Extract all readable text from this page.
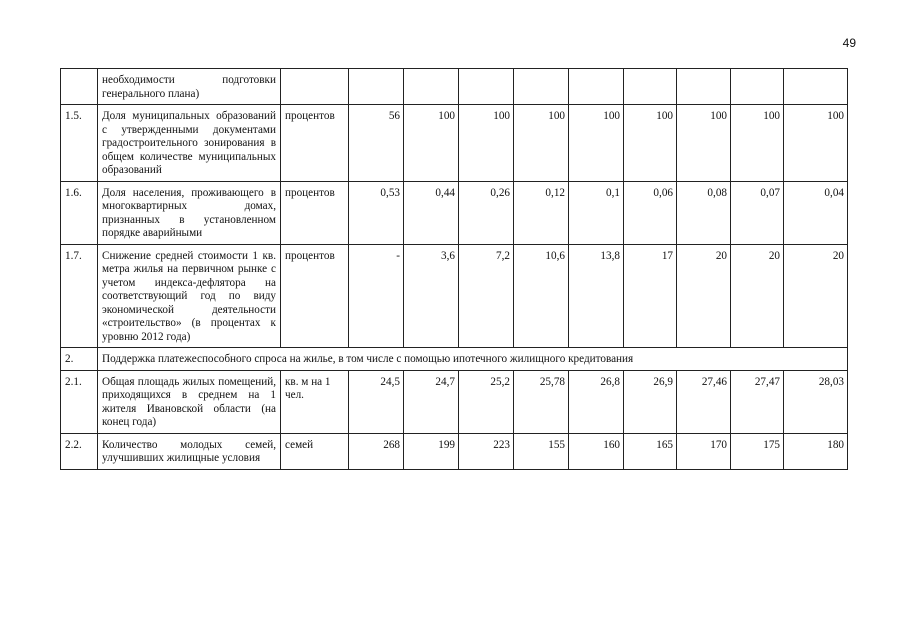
49
	необходимости подготовки генерального плана)										
1.5.	Доля муниципальных образований с утвержденными документами градостроительного зонирования в общем количестве муниципальных образований	процентов	56	100	100	100	100	100	100	100	100
1.6.	Доля населения, проживающего в многоквартирных домах, признанных в установленном порядке аварийными	процентов	0,53	0,44	0,26	0,12	0,1	0,06	0,08	0,07	0,04
1.7.	Снижение средней стоимости 1 кв. метра жилья на первичном рынке с учетом индекса-дефлятора на соответствующий год по виду экономической деятельности «строительство» (в процентах к уровню 2012 года)	процентов	-	3,6	7,2	10,6	13,8	17	20	20	20
2.	Поддержка платежеспособного спроса на жилье, в том числе с помощью ипотечного жилищного кредитования										
2.1.	Общая площадь жилых помещений, приходящихся в среднем на 1 жителя Ивановской области (на конец года)	кв. м на 1 чел.	24,5	24,7	25,2	25,78	26,8	26,9	27,46	27,47	28,03
2.2.	Количество молодых семей, улучшивших жилищные условия	семей	268	199	223	155	160	165	170	175	180
